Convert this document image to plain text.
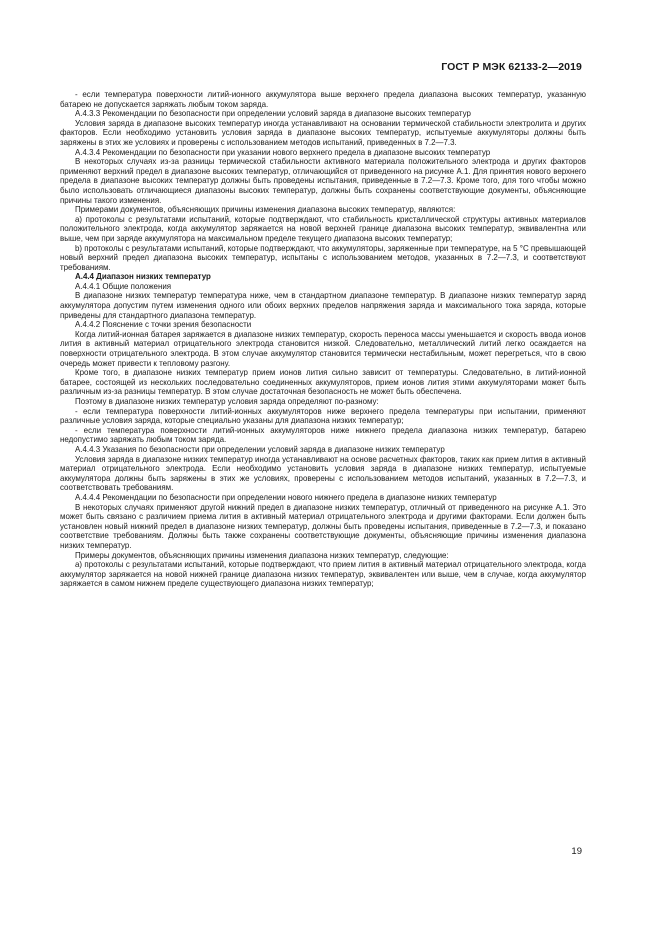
ГОСТ Р МЭК 62133-2—2019

- если температура поверхности литий-ионного аккумулятора выше верхнего предела диапазона высоких температур, указанную батарею не допускается заряжать любым током заряда.

A.4.3.3 Рекомендации по безопасности при определении условий заряда в диапазоне высоких температур

Условия заряда в диапазоне высоких температур иногда устанавливают на основании термической стабильности электролита и других факторов. Если необходимо установить условия заряда в диапазоне высоких температур, испытуемые аккумуляторы должны быть заряжены в этих же условиях и проверены с использованием методов испытаний, приведенных в 7.2—7.3.

A.4.3.4 Рекомендации по безопасности при указании нового верхнего предела в диапазоне высоких температур

В некоторых случаях из-за разницы термической стабильности активного материала положительного электрода и других факторов применяют верхний предел в диапазоне высоких температур, отличающийся от приведенного на рисунке A.1. Для принятия нового верхнего предела в диапазоне высоких температур должны быть проведены испытания, приведенные в 7.2—7.3. Кроме того, для того чтобы можно было использовать отличающиеся диапазоны высоких температур, должны быть сохранены соответствующие документы, объясняющие причины такого изменения.

Примерами документов, объясняющих причины изменения диапазона высоких температур, являются:

а) протоколы с результатами испытаний, которые подтверждают, что стабильность кристаллической структуры активных материалов положительного электрода, когда аккумулятор заряжается на новой верхней границе диапазона высоких температур, эквивалентна или выше, чем при заряде аккумулятора на максимальном пределе текущего диапазона высоких температур;

b) протоколы с результатами испытаний, которые подтверждают, что аккумуляторы, заряженные при температуре, на 5 °С превышающей новый верхний предел диапазона высоких температур, испытаны с использованием методов, указанных в 7.2—7.3, и соответствуют требованиям.

A.4.4 Диапазон низких температур

A.4.4.1 Общие положения

В диапазоне низких температур температура ниже, чем в стандартном диапазоне температур. В диапазоне низких температур заряд аккумулятора допустим путем изменения одного или обоих верхних пределов напряжения заряда и максимального тока заряда, которые приведены для стандартного диапазона температур.

A.4.4.2 Пояснение с точки зрения безопасности

Когда литий-ионная батарея заряжается в диапазоне низких температур, скорость переноса массы уменьшается и скорость ввода ионов лития в активный материал отрицательного электрода становится низкой. Следовательно, металлический литий легко осаждается на поверхности отрицательного электрода. В этом случае аккумулятор становится термически нестабильным, может перегреться, что в свою очередь может привести к тепловому разгону.

Кроме того, в диапазоне низких температур прием ионов лития сильно зависит от температуры. Следовательно, в литий-ионной батарее, состоящей из нескольких последовательно соединенных аккумуляторов, прием ионов лития этими аккумуляторами может быть различным из-за разницы температур. В этом случае достаточная безопасность не может быть обеспечена.

Поэтому в диапазоне низких температур условия заряда определяют по-разному:

- если температура поверхности литий-ионных аккумуляторов ниже верхнего предела температуры при испытании, применяют различные условия заряда, которые специально указаны для диапазона низких температур;

- если температура поверхности литий-ионных аккумуляторов ниже нижнего предела диапазона низких температур, батарею недопустимо заряжать любым током заряда.

A.4.4.3 Указания по безопасности при определении условий заряда в диапазоне низких температур

Условия заряда в диапазоне низких температур иногда устанавливают на основе расчетных факторов, таких как прием лития в активный материал отрицательного электрода. Если необходимо установить условия заряда в диапазоне низких температур, испытуемые аккумулятора должны быть заряжены в этих же условиях, проверены с использованием методов испытаний, указанных в 7.2—7.3, и соответствовать требованиям.

A.4.4.4 Рекомендации по безопасности при определении нового нижнего предела в диапазоне низких температур

В некоторых случаях применяют другой нижний предел в диапазоне низких температур, отличный от приведенного на рисунке A.1. Это может быть связано с различием приема лития в активный материал отрицательного электрода и другими факторами. Если должен быть установлен новый нижний предел в диапазоне низких температур, должны быть проведены испытания, приведенные в 7.2—7.3, и показано соответствие требованиям. Должны быть также сохранены соответствующие документы, объясняющие причины изменения диапазона низких температур.

Примеры документов, объясняющих причины изменения диапазона низких температур, следующие:

а) протоколы с результатами испытаний, которые подтверждают, что прием лития в активный материал отрицательного электрода, когда аккумулятор заряжается на новой нижней границе диапазона низких температур, эквивалентен или выше, чем в случае, когда аккумулятор заряжается в самом нижнем пределе существующего диапазона низких температур;

19
